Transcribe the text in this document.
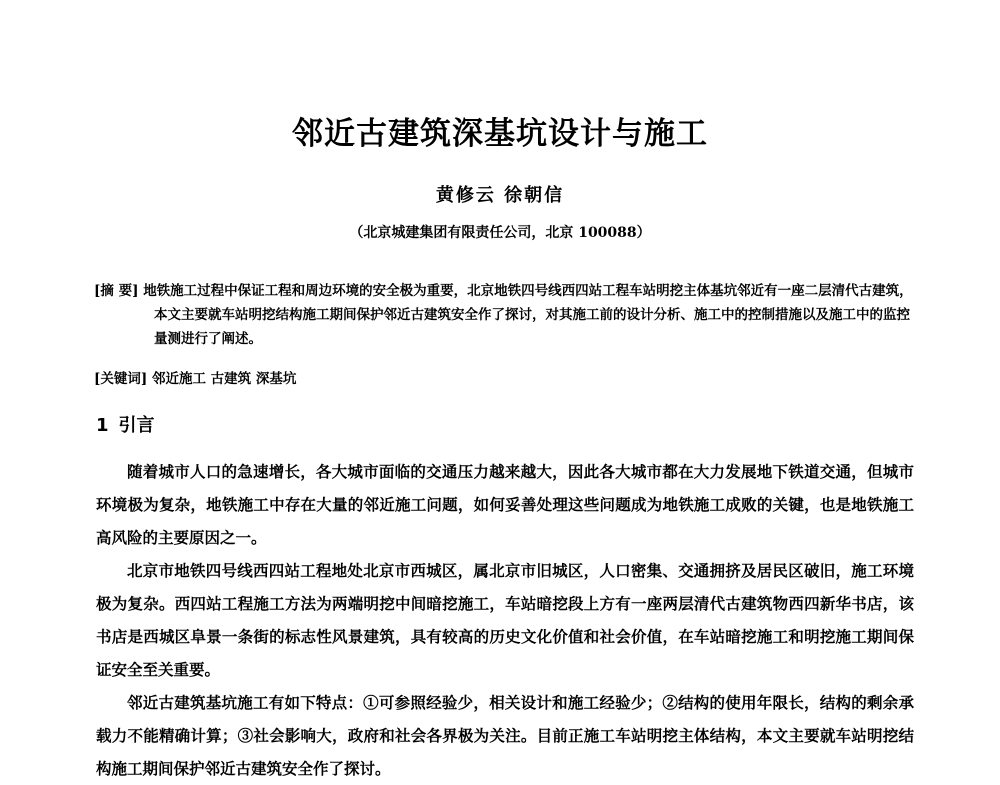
邻近古建筑深基坑设计与施工
黄修云 徐朝信
（北京城建集团有限责任公司，北京 100088）
[摘 要] 地铁施工过程中保证工程和周边环境的安全极为重要，北京地铁四号线西四站工程车站明挖主体基坑邻近有一座二层清代古建筑，本文主要就车站明挖结构施工期间保护邻近古建筑安全作了探讨，对其施工前的设计分析、施工中的控制措施以及施工中的监控量测进行了阐述。
[关键词] 邻近施工 古建筑 深基坑
1 引言

随着城市人口的急速增长，各大城市面临的交通压力越来越大，因此各大城市都在大力发展地下铁道交通，但城市环境极为复杂，地铁施工中存在大量的邻近施工问题，如何妥善处理这些问题成为地铁施工成败的关键，也是地铁施工高风险的主要原因之一。

北京市地铁四号线西四站工程地处北京市西城区，属北京市旧城区，人口密集、交通拥挤及居民区破旧，施工环境极为复杂。西四站工程施工方法为两端明挖中间暗挖施工，车站暗挖段上方有一座两层清代古建筑物西四新华书店，该书店是西城区阜景一条街的标志性风景建筑，具有较高的历史文化价值和社会价值，在车站暗挖施工和明挖施工期间保证安全至关重要。

邻近古建筑基坑施工有如下特点：①可参照经验少，相关设计和施工经验少；②结构的使用年限长，结构的剩余承载力不能精确计算；③社会影响大，政府和社会各界极为关注。目前正施工车站明挖主体结构，本文主要就车站明挖结构施工期间保护邻近古建筑安全作了探讨。
